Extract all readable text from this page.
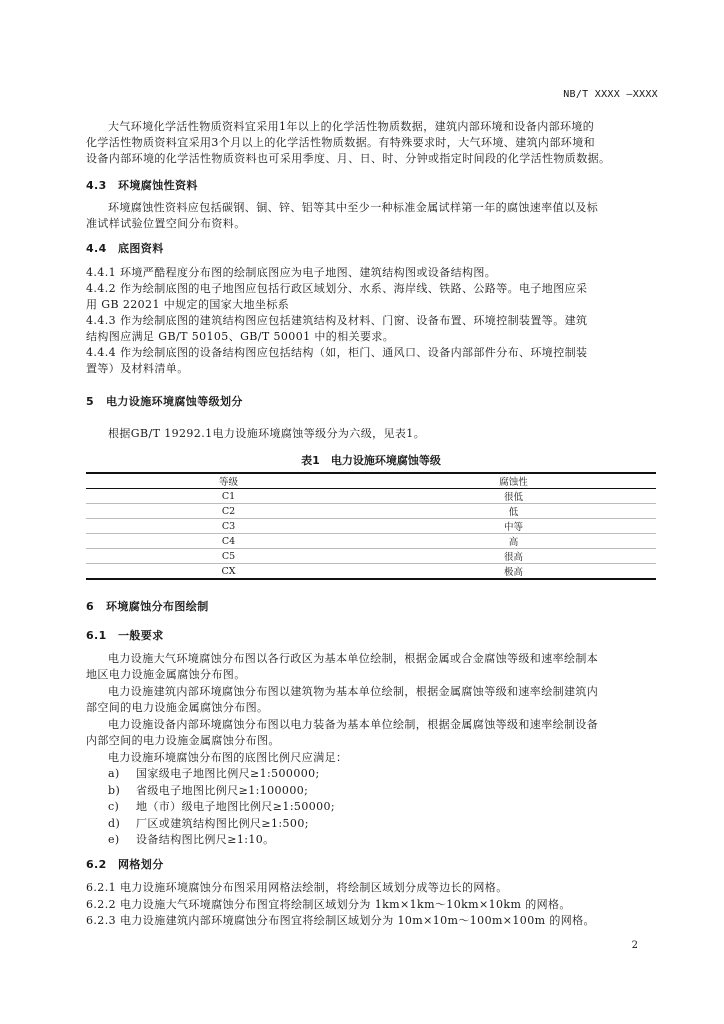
NB/T XXXX —XXXX
大气环境化学活性物质资料宜采用1年以上的化学活性物质数据，建筑内部环境和设备内部环境的
化学活性物质资料宜采用3个月以上的化学活性物质数据。有特殊要求时，大气环境、建筑内部环境和
设备内部环境的化学活性物质资料也可采用季度、月、日、时、分钟或指定时间段的化学活性物质数据。
4.3 环境腐蚀性资料
环境腐蚀性资料应包括碳钢、铜、锌、铝等其中至少一种标准金属试样第一年的腐蚀速率值以及标
准试样试验位置空间分布资料。
4.4 底图资料
4.4.1 环境严酷程度分布图的绘制底图应为电子地图、建筑结构图或设备结构图。
4.4.2 作为绘制底图的电子地图应包括行政区域划分、水系、海岸线、铁路、公路等。电子地图应采
用 GB 22021 中规定的国家大地坐标系
4.4.3 作为绘制底图的建筑结构图应包括建筑结构及材料、门窗、设备布置、环境控制装置等。建筑
结构图应满足 GB/T 50105、GB/T 50001 中的相关要求。
4.4.4 作为绘制底图的设备结构图应包括结构（如，柜门、通风口、设备内部部件分布、环境控制装
置等）及材料清单。
5 电力设施环境腐蚀等级划分
根据GB/T 19292.1电力设施环境腐蚀等级分为六级，见表1。
表1　电力设施环境腐蚀等级
等级	腐蚀性
C1	很低
C2	低
C3	中等
C4	高
C5	很高
CX	极高
6 环境腐蚀分布图绘制
6.1 一般要求
电力设施大气环境腐蚀分布图以各行政区为基本单位绘制，根据金属或合金腐蚀等级和速率绘制本
地区电力设施金属腐蚀分布图。
电力设施建筑内部环境腐蚀分布图以建筑物为基本单位绘制，根据金属腐蚀等级和速率绘制建筑内
部空间的电力设施金属腐蚀分布图。
电力设施设备内部环境腐蚀分布图以电力装备为基本单位绘制，根据金属腐蚀等级和速率绘制设备
内部空间的电力设施金属腐蚀分布图。
电力设施环境腐蚀分布图的底图比例尺应满足：
a) 国家级电子地图比例尺≥1:500000;
b) 省级电子地图比例尺≥1:100000;
c) 地（市）级电子地图比例尺≥1:50000;
d) 厂区或建筑结构图比例尺≥1:500;
e) 设备结构图比例尺≥1:10。
6.2 网格划分
6.2.1 电力设施环境腐蚀分布图采用网格法绘制，将绘制区域划分成等边长的网格。
6.2.2 电力设施大气环境腐蚀分布图宜将绘制区域划分为 1km×1km～10km×10km 的网格。
6.2.3 电力设施建筑内部环境腐蚀分布图宜将绘制区域划分为 10m×10m～100m×100m 的网格。
2
